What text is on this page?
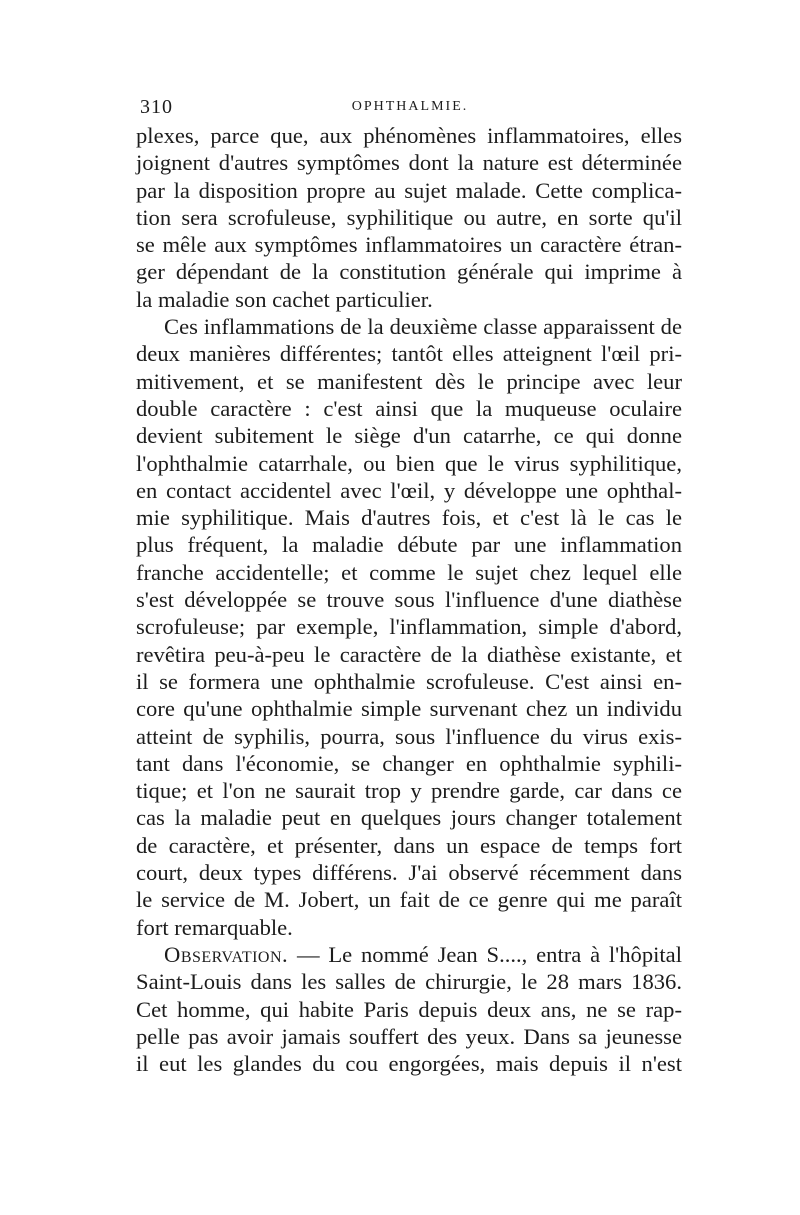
310	OPHTHALMIE.
plexes, parce que, aux phénomènes inflammatoires, elles
joignent d'autres symptômes dont la nature est déterminée
par la disposition propre au sujet malade. Cette complica-
tion sera scrofuleuse, syphilitique ou autre, en sorte qu'il
se mêle aux symptômes inflammatoires un caractère étran-
ger dépendant de la constitution générale qui imprime à
la maladie son cachet particulier.
Ces inflammations de la deuxième classe apparaissent de
deux manières différentes; tantôt elles atteignent l'œil pri-
mitivement, et se manifestent dès le principe avec leur
double caractère : c'est ainsi que la muqueuse oculaire
devient subitement le siège d'un catarrhe, ce qui donne
l'ophthalmie catarrhale, ou bien que le virus syphilitique,
en contact accidentel avec l'œil, y développe une ophthal-
mie syphilitique. Mais d'autres fois, et c'est là le cas le
plus fréquent, la maladie débute par une inflammation
franche accidentelle; et comme le sujet chez lequel elle
s'est développée se trouve sous l'influence d'une diathèse
scrofuleuse; par exemple, l'inflammation, simple d'abord,
revêtira peu-à-peu le caractère de la diathèse existante, et
il se formera une ophthalmie scrofuleuse. C'est ainsi en-
core qu'une ophthalmie simple survenant chez un individu
atteint de syphilis, pourra, sous l'influence du virus exis-
tant dans l'économie, se changer en ophthalmie syphili-
tique; et l'on ne saurait trop y prendre garde, car dans ce
cas la maladie peut en quelques jours changer totalement
de caractère, et présenter, dans un espace de temps fort
court, deux types différens. J'ai observé récemment dans
le service de M. Jobert, un fait de ce genre qui me paraît
fort remarquable.
Observation. — Le nommé Jean S...., entra à l'hôpital
Saint-Louis dans les salles de chirurgie, le 28 mars 1836.
Cet homme, qui habite Paris depuis deux ans, ne se rap-
pelle pas avoir jamais souffert des yeux. Dans sa jeunesse
il eut les glandes du cou engorgées, mais depuis il n'est
